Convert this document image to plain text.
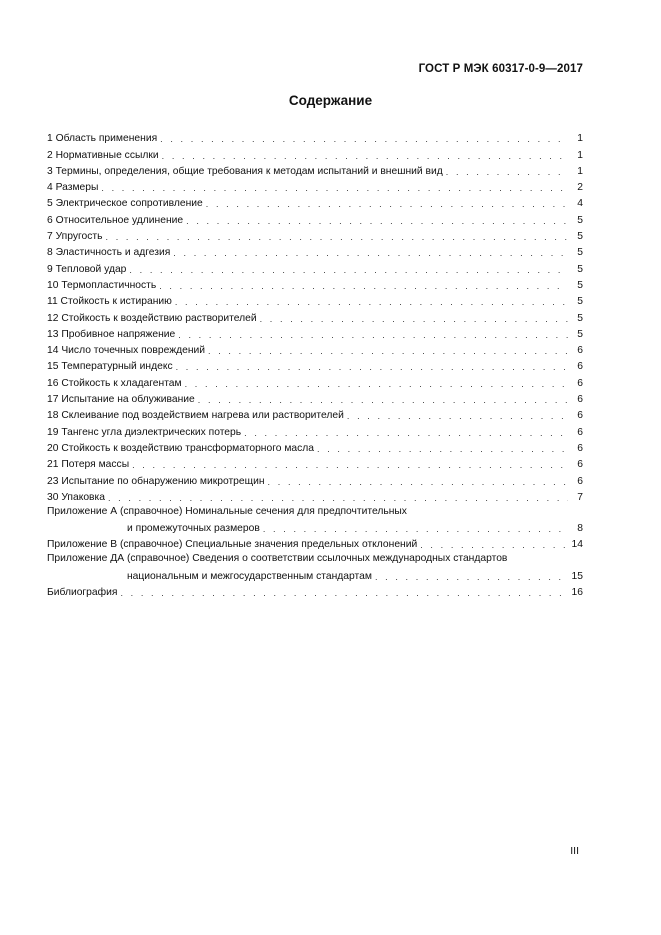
ГОСТ Р МЭК 60317-0-9—2017
Содержание
1 Область применения . . .	1
2 Нормативные ссылки . . .	1
3 Термины, определения, общие требования к методам испытаний и внешний вид . . .	1
4 Размеры . . .	2
5 Электрическое сопротивление . . .	4
6 Относительное удлинение . . .	5
7 Упругость . . .	5
8 Эластичность и адгезия . . .	5
9 Тепловой удар . . .	5
10 Термопластичность . . .	5
11 Стойкость к истиранию . . .	5
12 Стойкость к воздействию растворителей . . .	5
13 Пробивное напряжение . . .	5
14 Число точечных повреждений . . .	6
15 Температурный индекс . . .	6
16 Стойкость к хладагентам . . .	6
17 Испытание на облуживание . . .	6
18 Склеивание под воздействием нагрева или растворителей . . .	6
19 Тангенс угла диэлектрических потерь . . .	6
20 Стойкость к воздействию трансформаторного масла . . .	6
21 Потеря массы . . .	6
23 Испытание по обнаружению микротрещин . . .	6
30 Упаковка . . .	7
Приложение А (справочное) Номинальные сечения для предпочтительных
и промежуточных размеров . . .	8
Приложение В (справочное) Специальные значения предельных отклонений . . .	14
Приложение ДА (справочное) Сведения о соответствии ссылочных международных стандартов
национальным и межгосударственным стандартам . . .	15
Библиография . . .	16
III
